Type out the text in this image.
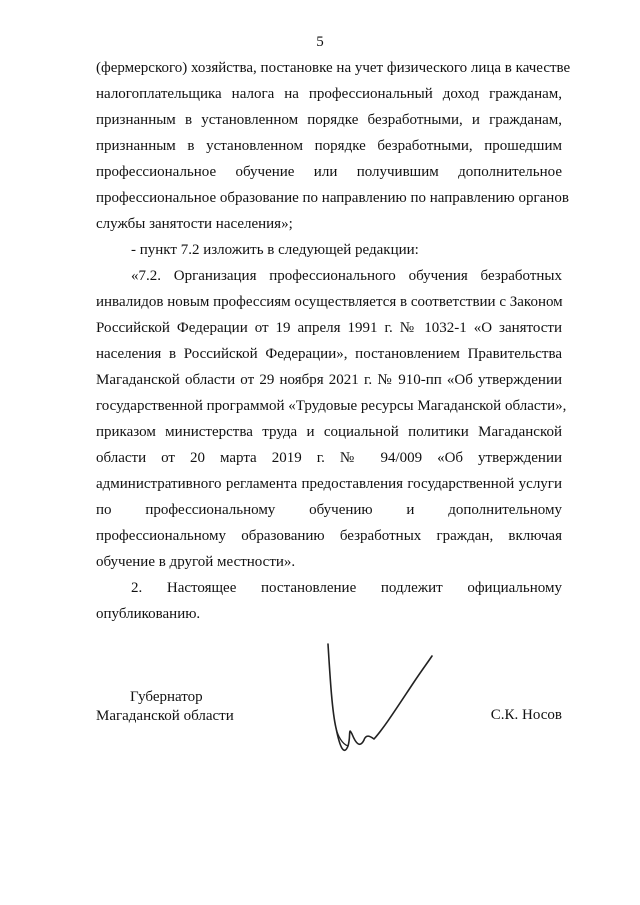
5
(фермерского) хозяйства, постановке на учет физического лица в качестве
налогоплательщика налога на профессиональный доход гражданам,
признанным в установленном порядке безработными, и гражданам,
признанным в установленном порядке безработными, прошедшим
профессиональное обучение или получившим дополнительное
профессиональное образование по направлению по направлению органов
службы занятости населения»;
- пункт 7.2 изложить в следующей редакции:
«7.2. Организация профессионального обучения безработных
инвалидов новым профессиям осуществляется в соответствии с Законом
Российской Федерации от 19 апреля 1991 г. № 1032-1 «О занятости
населения в Российской Федерации», постановлением Правительства
Магаданской области от 29 ноября 2021 г. № 910-пп «Об утверждении
государственной программой «Трудовые ресурсы Магаданской области»,
приказом министерства труда и социальной политики Магаданской
области от 20 марта 2019 г. № 94/009 «Об утверждении
административного регламента предоставления государственной услуги
по профессиональному обучению и дополнительному
профессиональному образованию безработных граждан, включая
обучение в другой местности».
2. Настоящее постановление подлежит официальному
опубликованию.
Губернатор
Магаданской области	С.К. Носов
